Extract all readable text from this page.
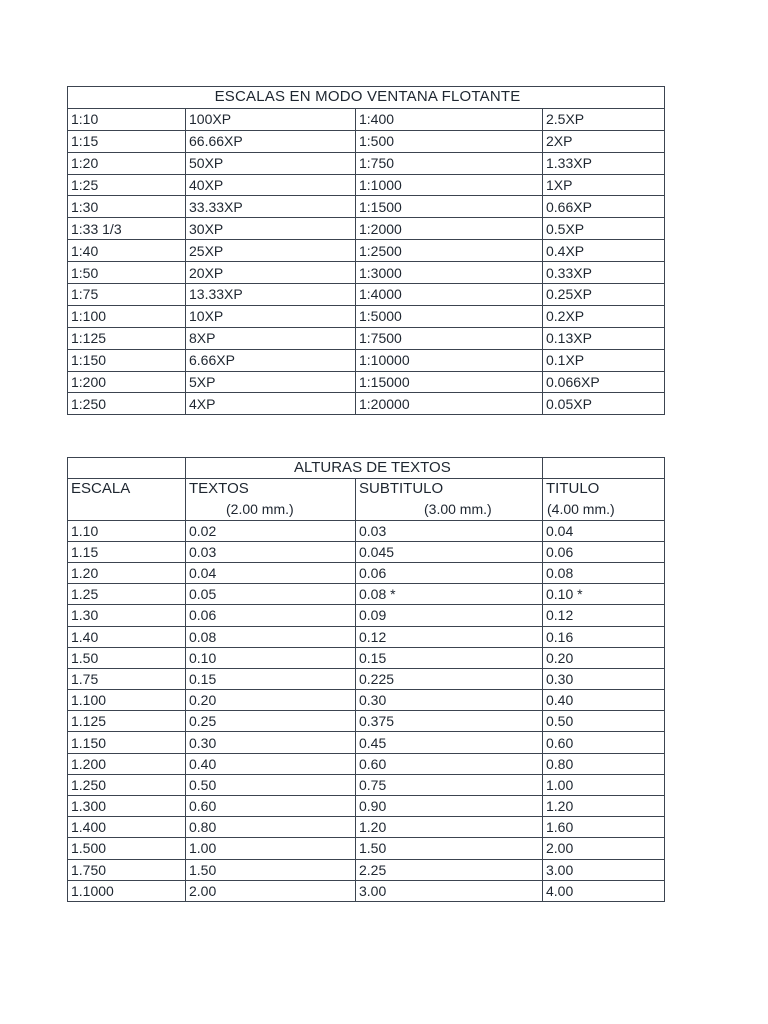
ESCALAS EN MODO VENTANA FLOTANTE			
1:10	100XP	1:400	2.5XP
1:15	66.66XP	1:500	2XP
1:20	50XP	1:750	1.33XP
1:25	40XP	1:1000	1XP
1:30	33.33XP	1:1500	0.66XP
1:33 1/3	30XP	1:2000	0.5XP
1:40	25XP	1:2500	0.4XP
1:50	20XP	1:3000	0.33XP
1:75	13.33XP	1:4000	0.25XP
1:100	10XP	1:5000	0.2XP
1:125	8XP	1:7500	0.13XP
1:150	6.66XP	1:10000	0.1XP
1:200	5XP	1:15000	0.066XP
1:250	4XP	1:20000	0.05XP
	ALTURAS DE TEXTOS		
ESCALA	TEXTOS	SUBTITULO	TITULO
	(2.00 mm.)	(3.00 mm.)	(4.00 mm.)
1.10	0.02	0.03	0.04
1.15	0.03	0.045	0.06
1.20	0.04	0.06	0.08
1.25	0.05	0.08 *	0.10 *
1.30	0.06	0.09	0.12
1.40	0.08	0.12	0.16
1.50	0.10	0.15	0.20
1.75	0.15	0.225	0.30
1.100	0.20	0.30	0.40
1.125	0.25	0.375	0.50
1.150	0.30	0.45	0.60
1.200	0.40	0.60	0.80
1.250	0.50	0.75	1.00
1.300	0.60	0.90	1.20
1.400	0.80	1.20	1.60
1.500	1.00	1.50	2.00
1.750	1.50	2.25	3.00
1.1000	2.00	3.00	4.00
